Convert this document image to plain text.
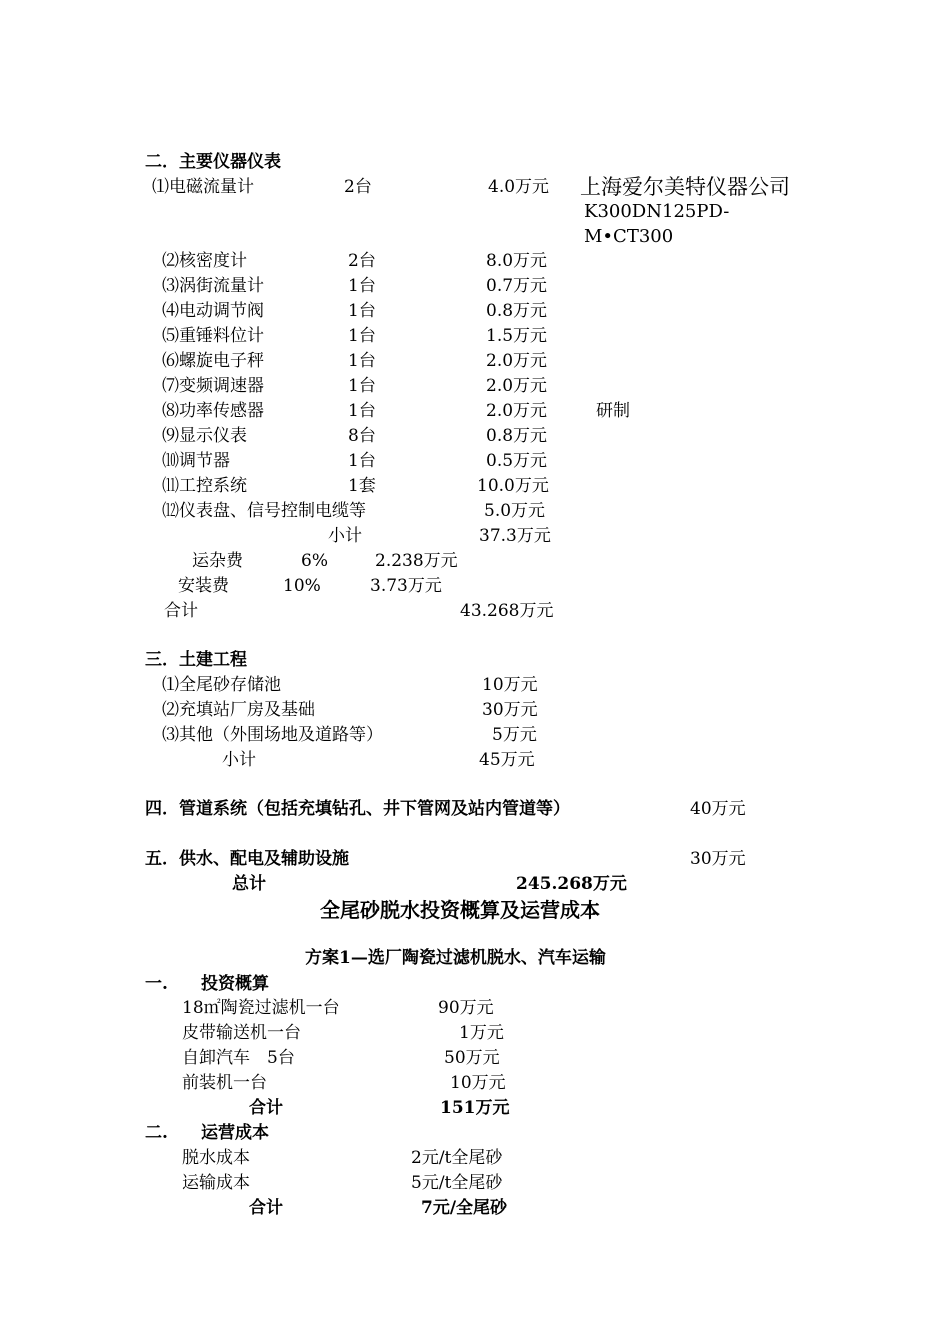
二．主要仪器仪表
⑴电磁流量计	2台	4.0万元 上海爱尔美特仪器公司
K300DN125PD-
M•CT300
⑵核密度计	2台	8.0万元
⑶涡街流量计	1台	0.7万元
⑷电动调节阀	1台	0.8万元
⑸重锤料位计	1台	1.5万元
⑹螺旋电子秤	1台	2.0万元
⑺变频调速器	1台	2.0万元
⑻功率传感器	1台	2.0万元	研制
⑼显示仪表	8台	0.8万元
⑽调节器	1台	0.5万元
⑾工控系统	1套	10.0万元
⑿仪表盘、信号控制电缆等	5.0万元
小计	37.3万元
运杂费	6%	2.238万元
安装费	10%	3.73万元
合计	43.268万元
三．土建工程
⑴全尾砂存储池	10万元
⑵充填站厂房及基础	30万元
⑶其他（外围场地及道路等）	5万元
小计	45万元
四．管道系统（包括充填钻孔、井下管网及站内管道等）	40万元
五．供水、配电及辅助设施	30万元
总计	245.268万元
全尾砂脱水投资概算及运营成本
方案1—选厂陶瓷过滤机脱水、汽车运输
一. 投资概算
18㎡陶瓷过滤机一台	90万元
皮带输送机一台	1万元
自卸汽车　5台	50万元
前装机一台	10万元
合计	151万元
二. 运营成本
脱水成本	2元/t全尾砂
运输成本	5元/t全尾砂
合计	7元/全尾砂
